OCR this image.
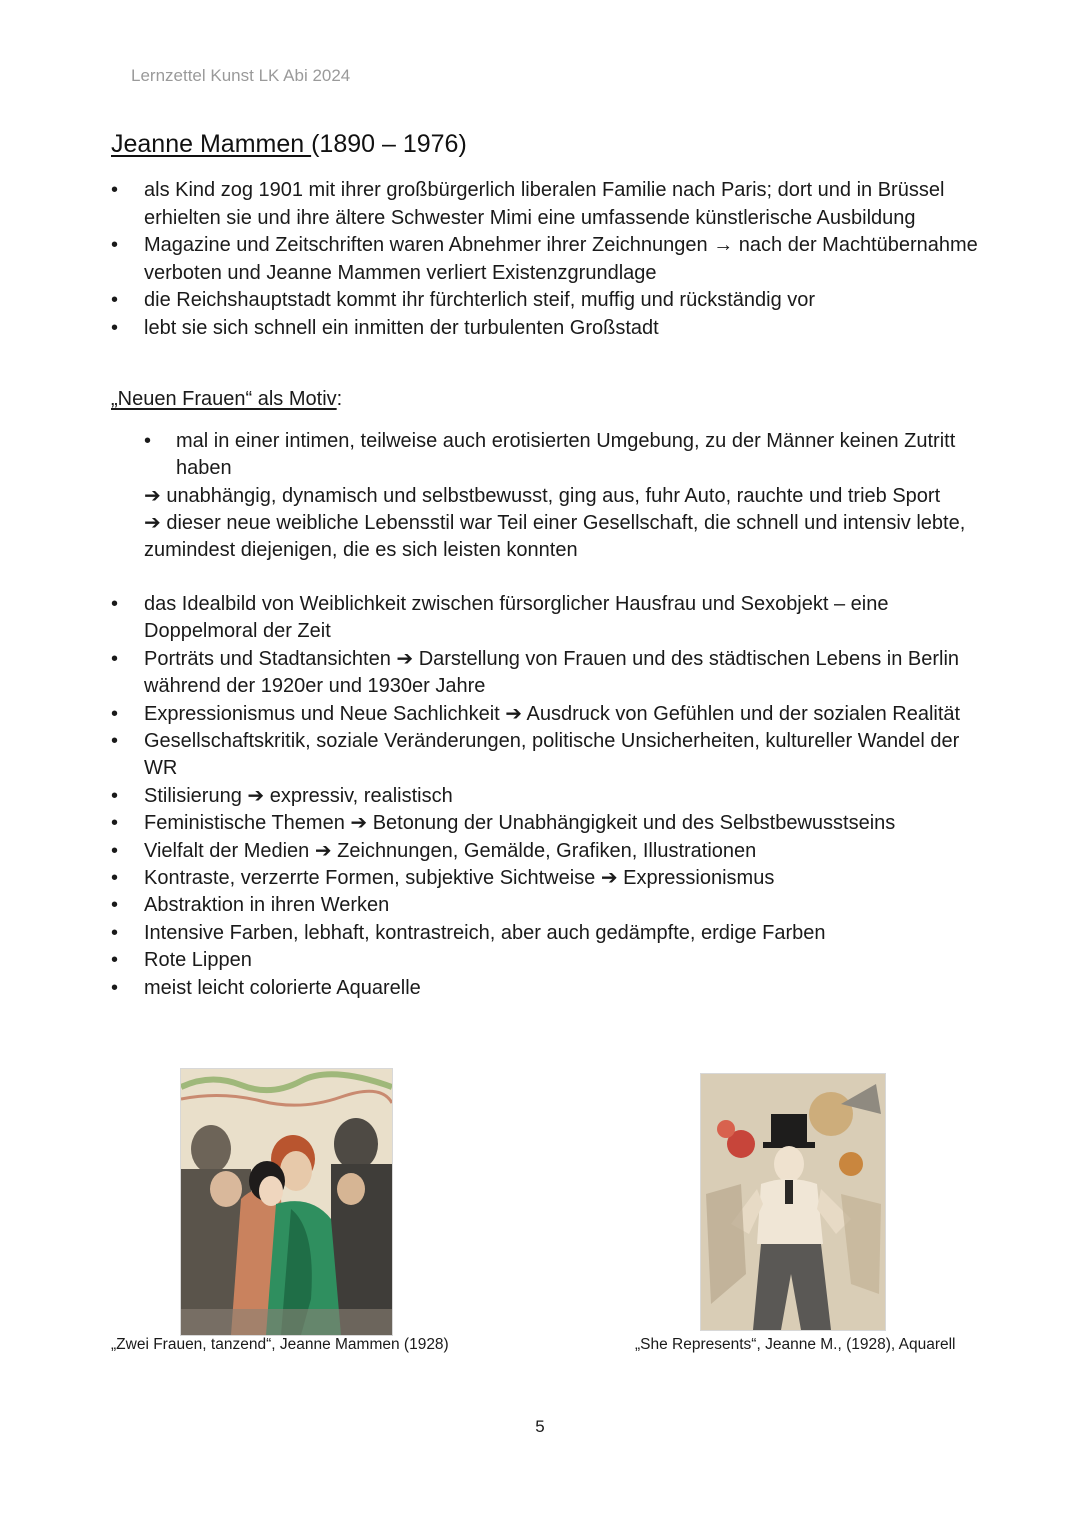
Lernzettel Kunst LK Abi 2024
Jeanne Mammen (1890 – 1976)
• als Kind zog 1901 mit ihrer großbürgerlich liberalen Familie nach Paris; dort und in Brüssel erhielten sie und ihre ältere Schwester Mimi eine umfassende künstlerische Ausbildung
• Magazine und Zeitschriften waren Abnehmer ihrer Zeichnungen → nach der Machtübernahme verboten und Jeanne Mammen verliert Existenzgrundlage
• die Reichshauptstadt kommt ihr fürchterlich steif, muffig und rückständig vor
• lebt sie sich schnell ein inmitten der turbulenten Großstadt
„Neuen Frauen“ als Motiv:
• mal in einer intimen, teilweise auch erotisierten Umgebung, zu der Männer keinen Zutritt haben
➔ unabhängig, dynamisch und selbstbewusst, ging aus, fuhr Auto, rauchte und trieb Sport
➔ dieser neue weibliche Lebensstil war Teil einer Gesellschaft, die schnell und intensiv lebte, zumindest diejenigen, die es sich leisten konnten
• das Idealbild von Weiblichkeit zwischen fürsorglicher Hausfrau und Sexobjekt – eine Doppelmoral der Zeit
• Porträts und Stadtansichten ➔ Darstellung von Frauen und des städtischen Lebens in Berlin während der 1920er und 1930er Jahre
• Expressionismus und Neue Sachlichkeit ➔ Ausdruck von Gefühlen und der sozialen Realität
• Gesellschaftskritik, soziale Veränderungen, politische Unsicherheiten, kultureller Wandel der WR
• Stilisierung ➔ expressiv, realistisch
• Feministische Themen ➔ Betonung der Unabhängigkeit und des Selbstbewusstseins
• Vielfalt der Medien ➔ Zeichnungen, Gemälde, Grafiken, Illustrationen
• Kontraste, verzerrte Formen, subjektive Sichtweise ➔ Expressionismus
• Abstraktion in ihren Werken
• Intensive Farben, lebhaft, kontrastreich, aber auch gedämpfte, erdige Farben
• Rote Lippen
• meist leicht colorierte Aquarelle
„Zwei Frauen, tanzend“, Jeanne Mammen (1928)	„She Represents“, Jeanne M., (1928), Aquarell
5
